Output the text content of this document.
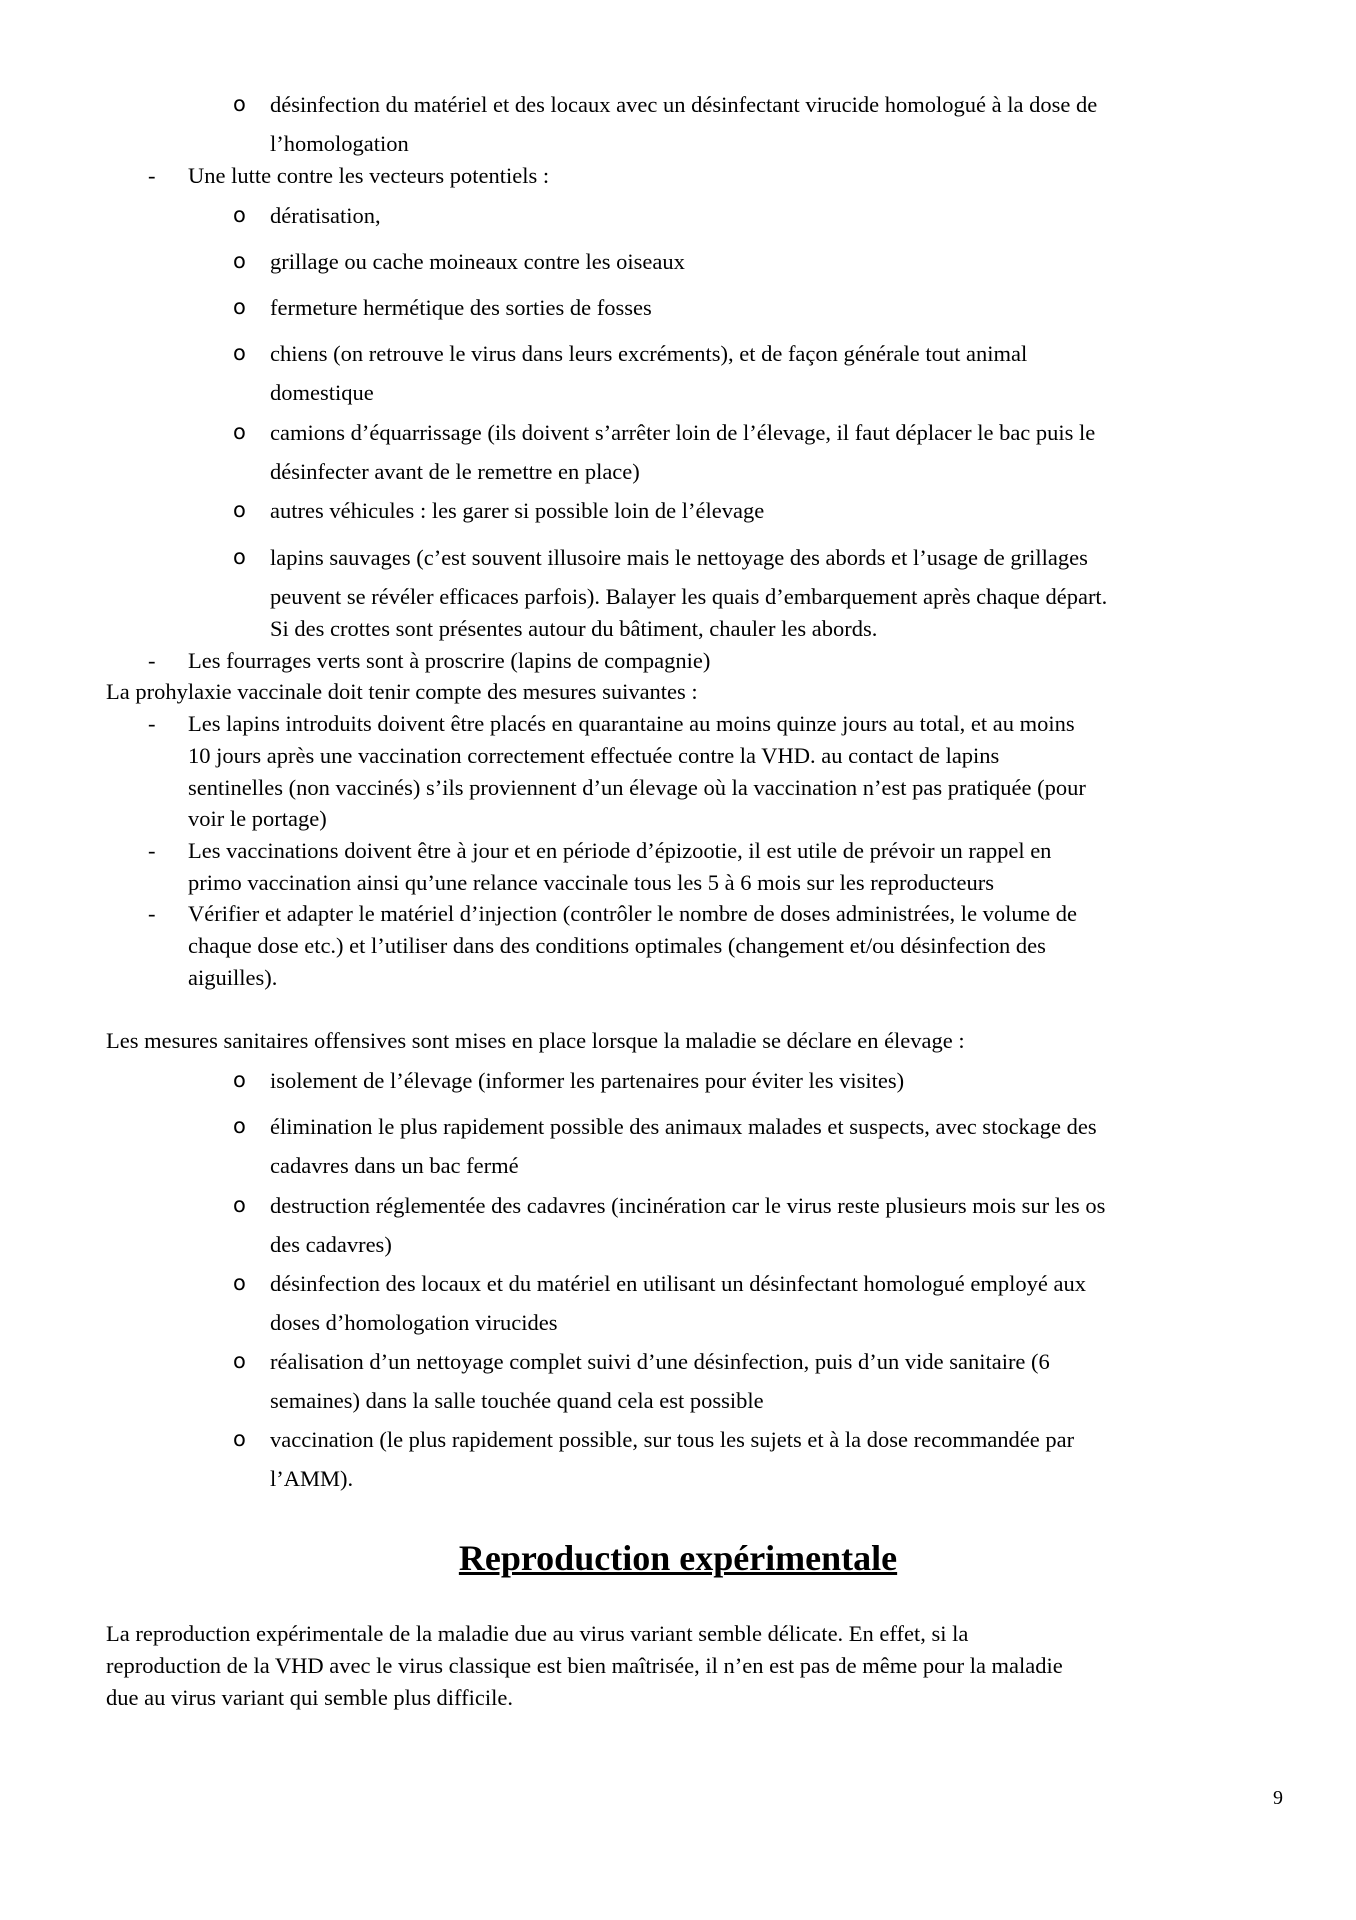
o désinfection du matériel et des locaux avec un désinfectant virucide homologué à la dose de
l’homologation
- Une lutte contre les vecteurs potentiels :
o dératisation,
o grillage ou cache moineaux contre les oiseaux
o fermeture hermétique des sorties de fosses
o chiens (on retrouve le virus dans leurs excréments), et de façon générale tout animal
domestique
o camions d’équarrissage (ils doivent s’arrêter loin de l’élevage, il faut déplacer le bac puis le
désinfecter avant de le remettre en place)
o autres véhicules : les garer si possible loin de l’élevage
o lapins sauvages (c’est souvent illusoire mais le nettoyage des abords et l’usage de grillages
peuvent se révéler efficaces parfois). Balayer les quais d’embarquement après chaque départ.
Si des crottes sont présentes autour du bâtiment, chauler les abords.
- Les fourrages verts sont à proscrire (lapins de compagnie)
La prohylaxie vaccinale doit tenir compte des mesures suivantes :
- Les lapins introduits doivent être placés en quarantaine au moins quinze jours au total, et au moins
10 jours après une vaccination correctement effectuée contre la VHD. au contact de lapins
sentinelles (non vaccinés) s’ils proviennent d’un élevage où la vaccination n’est pas pratiquée (pour
voir le portage)
- Les vaccinations doivent être à jour et en période d’épizootie, il est utile de prévoir un rappel en
primo vaccination ainsi qu’une relance vaccinale tous les 5 à 6 mois sur les reproducteurs
- Vérifier et adapter le matériel d’injection (contrôler le nombre de doses administrées, le volume de
chaque dose etc.) et l’utiliser dans des conditions optimales (changement et/ou désinfection des
aiguilles).
Les mesures sanitaires offensives sont mises en place lorsque la maladie se déclare en élevage :
o isolement de l’élevage (informer les partenaires pour éviter les visites)
o élimination le plus rapidement possible des animaux malades et suspects, avec stockage des
cadavres dans un bac fermé
o destruction réglementée des cadavres (incinération car le virus reste plusieurs mois sur les os
des cadavres)
o désinfection des locaux et du matériel en utilisant un désinfectant homologué employé aux
doses d’homologation virucides
o réalisation d’un nettoyage complet suivi d’une désinfection, puis d’un vide sanitaire (6
semaines) dans la salle touchée quand cela est possible
o vaccination (le plus rapidement possible, sur tous les sujets et à la dose recommandée par
l’AMM).
Reproduction expérimentale
La reproduction expérimentale de la maladie due au virus variant semble délicate. En effet, si la
reproduction de la VHD avec le virus classique est bien maîtrisée, il n’en est pas de même pour la maladie
due au virus variant qui semble plus difficile.
9
